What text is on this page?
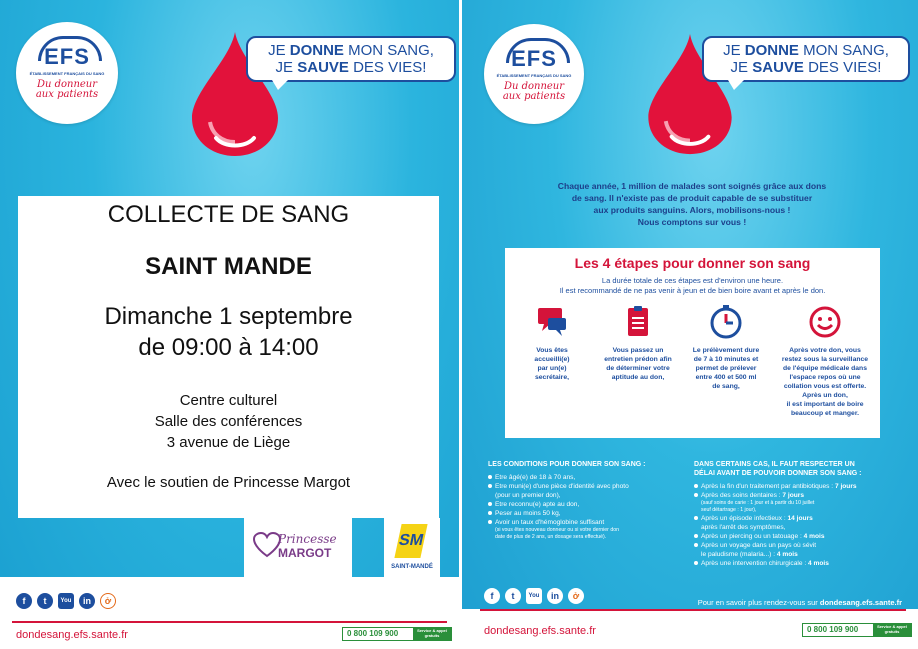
EFS
ÉTABLISSEMENT FRANÇAIS DU SANG
Du donneur
aux patients
JE DONNE MON SANG,
JE SAUVE DES VIES!
COLLECTE DE SANG
SAINT MANDE
Dimanche 1 septembre
de 09:00 à 14:00
Centre culturel
Salle des conférences
3 avenue de Liège
Avec le soutien de Princesse Margot
Princesse
MARGOT
SM
SAINT-MANDÉ
f	t	You	in	ở
dondesang.efs.sante.fr	0 800 109 900	Service & appel gratuits
EFS
ÉTABLISSEMENT FRANÇAIS DU SANG
Du donneur
aux patients
JE DONNE MON SANG,
JE SAUVE DES VIES!
Chaque année, 1 million de malades sont soignés grâce aux dons
de sang. Il n'existe pas de produit capable de se substituer
aux produits sanguins. Alors, mobilisons-nous !
Nous comptons sur vous !
Les 4 étapes pour donner son sang
La durée totale de ces étapes est d'environ une heure.
Il est recommandé de ne pas venir à jeun et de bien boire avant et après le don.
Vous êtes
accueilli(e)
par un(e)
secrétaire,
Vous passez un
entretien prédon afin
de déterminer votre
aptitude au don,
Le prélèvement dure
de 7 à 10 minutes et
permet de prélever
entre 400 et 500 ml
de sang,
Après votre don, vous
restez sous la surveillance
de l'équipe médicale dans
l'espace repos où une
collation vous est offerte.
Après un don,
il est important de boire
beaucoup et manger.
LES CONDITIONS POUR DONNER SON SANG :
Etre âgé(e) de 18 à 70 ans,
Etre muni(e) d'une pièce d'identité avec photo
(pour un premier don),
Etre reconnu(e) apte au don,
Peser au moins 50 kg,
Avoir un taux d'hémoglobine suffisant
(si vous êtes nouveau donneur ou si votre dernier don
date de plus de 2 ans, un dosage sera effectué).
DANS CERTAINS CAS, IL FAUT RESPECTER UN
DÉLAI AVANT DE POUVOIR DONNER SON SANG :
Après la fin d'un traitement par antibiotiques : 7 jours
Après des soins dentaires : 7 jours
(sauf soins de carie : 1 jour et à partir du 10 juillet
seuf détartrage : 1 jour),
Après un épisode infectieux : 14 jours
après l'arrêt des symptômes,
Après un piercing ou un tatouage : 4 mois
Après un voyage dans un pays où sévit
le paludisme (malaria...) : 4 mois
Après une intervention chirurgicale : 4 mois
f	t	You	in	ở
Pour en savoir plus rendez-vous sur dondesang.efs.sante.fr
dondesang.efs.sante.fr	0 800 109 900	Service & appel gratuits
